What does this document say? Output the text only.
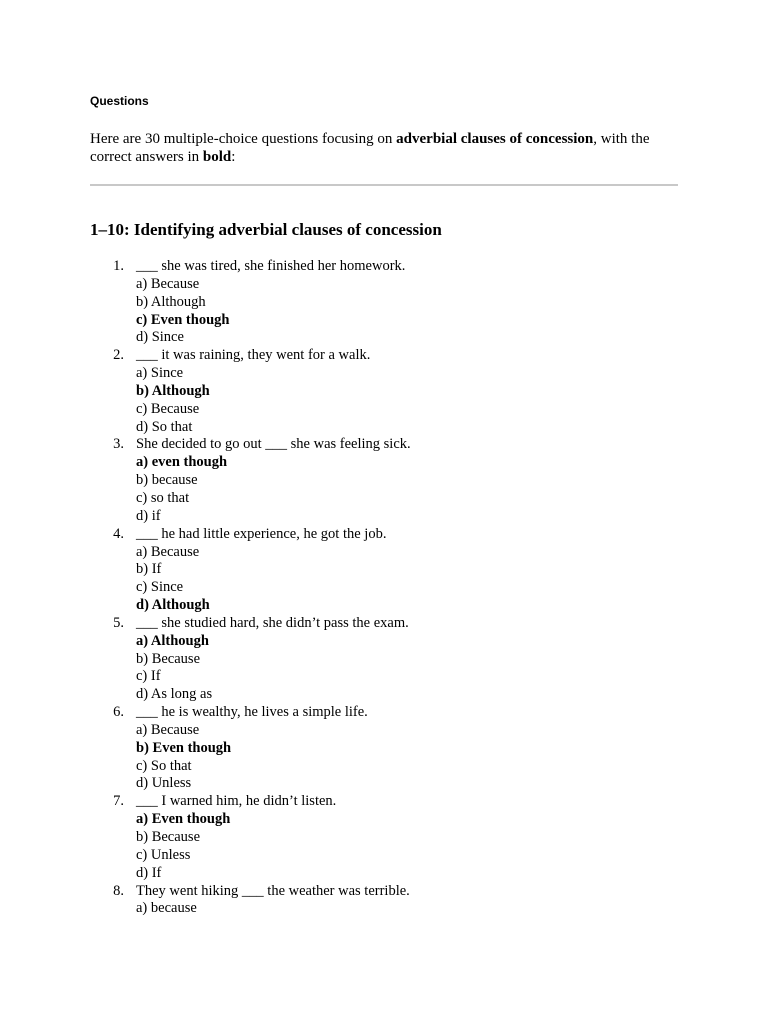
Questions

Here are 30 multiple-choice questions focusing on adverbial clauses of concession, with the correct answers in bold:

1–10: Identifying adverbial clauses of concession
1. ___ she was tired, she finished her homework.
a) Because
b) Although
c) Even though
d) Since
2. ___ it was raining, they went for a walk.
a) Since
b) Although
c) Because
d) So that
3. She decided to go out ___ she was feeling sick.
a) even though
b) because
c) so that
d) if
4. ___ he had little experience, he got the job.
a) Because
b) If
c) Since
d) Although
5. ___ she studied hard, she didn’t pass the exam.
a) Although
b) Because
c) If
d) As long as
6. ___ he is wealthy, he lives a simple life.
a) Because
b) Even though
c) So that
d) Unless
7. ___ I warned him, he didn’t listen.
a) Even though
b) Because
c) Unless
d) If
8. They went hiking ___ the weather was terrible.
a) because
